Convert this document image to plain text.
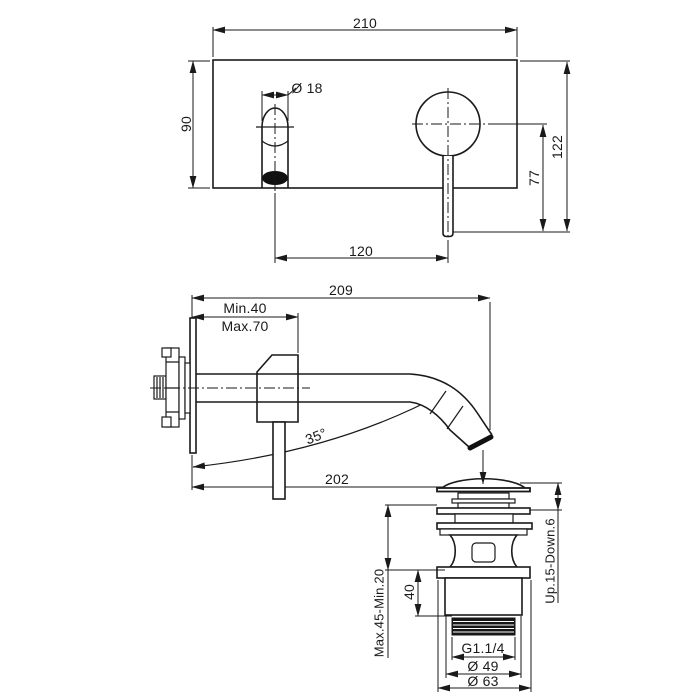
210
90
Ø 18
122
77
120
209
Min.40
Max.70
35°
202
Max.45-Min.20 40	Up.15-Down.6
G1.1/4
Ø 49
Ø 63
